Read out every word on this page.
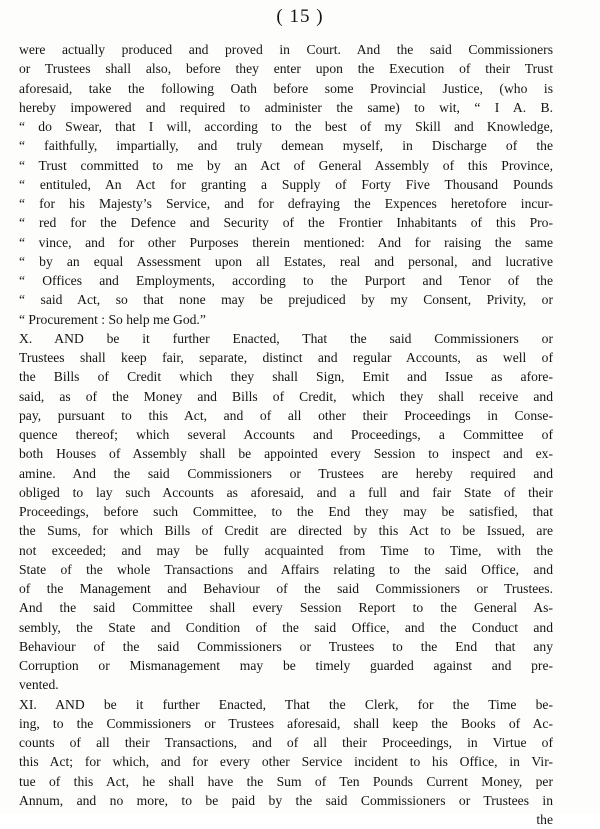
( 15 )
were actually produced and proved in Court. And the said Commissioners
or Trustees shall also, before they enter upon the Execution of their Trust
aforesaid, take the following Oath before some Provincial Justice, (who is
hereby impowered and required to administer the same) to wit, “ I A. B.
“ do Swear, that I will, according to the best of my Skill and Knowledge,
“ faithfully, impartially, and truly demean myself, in Discharge of the
“ Trust committed to me by an Act of General Assembly of this Province,
“ entituled, An Act for granting a Supply of Forty Five Thousand Pounds
“ for his Majesty’s Service, and for defraying the Expences heretofore incur-
“ red for the Defence and Security of the Frontier Inhabitants of this Pro-
“ vince, and for other Purposes therein mentioned: And for raising the same
“ by an equal Assessment upon all Estates, real and personal, and lucrative
“ Offices and Employments, according to the Purport and Tenor of the
“ said Act, so that none may be prejudiced by my Consent, Privity, or
“ Procurement : So help me God.”
X. AND be it further Enacted, That the said Commissioners or
Trustees shall keep fair, separate, distinct and regular Accounts, as well of
the Bills of Credit which they shall Sign, Emit and Issue as afore-
said, as of the Money and Bills of Credit, which they shall receive and
pay, pursuant to this Act, and of all other their Proceedings in Conse-
quence thereof; which several Accounts and Proceedings, a Committee of
both Houses of Assembly shall be appointed every Session to inspect and ex-
amine. And the said Commissioners or Trustees are hereby required and
obliged to lay such Accounts as aforesaid, and a full and fair State of their
Proceedings, before such Committee, to the End they may be satisfied, that
the Sums, for which Bills of Credit are directed by this Act to be Issued, are
not exceeded; and may be fully acquainted from Time to Time, with the
State of the whole Transactions and Affairs relating to the said Office, and
of the Management and Behaviour of the said Commissioners or Trustees.
And the said Committee shall every Session Report to the General As-
sembly, the State and Condition of the said Office, and the Conduct and
Behaviour of the said Commissioners or Trustees to the End that any
Corruption or Mismanagement may be timely guarded against and pre-
vented.
XI. AND be it further Enacted, That the Clerk, for the Time be-
ing, to the Commissioners or Trustees aforesaid, shall keep the Books of Ac-
counts of all their Transactions, and of all their Proceedings, in Virtue of
this Act; for which, and for every other Service incident to his Office, in Vir-
tue of this Act, he shall have the Sum of Ten Pounds Current Money, per
Annum, and no more, to be paid by the said Commissioners or Trustees in
the
